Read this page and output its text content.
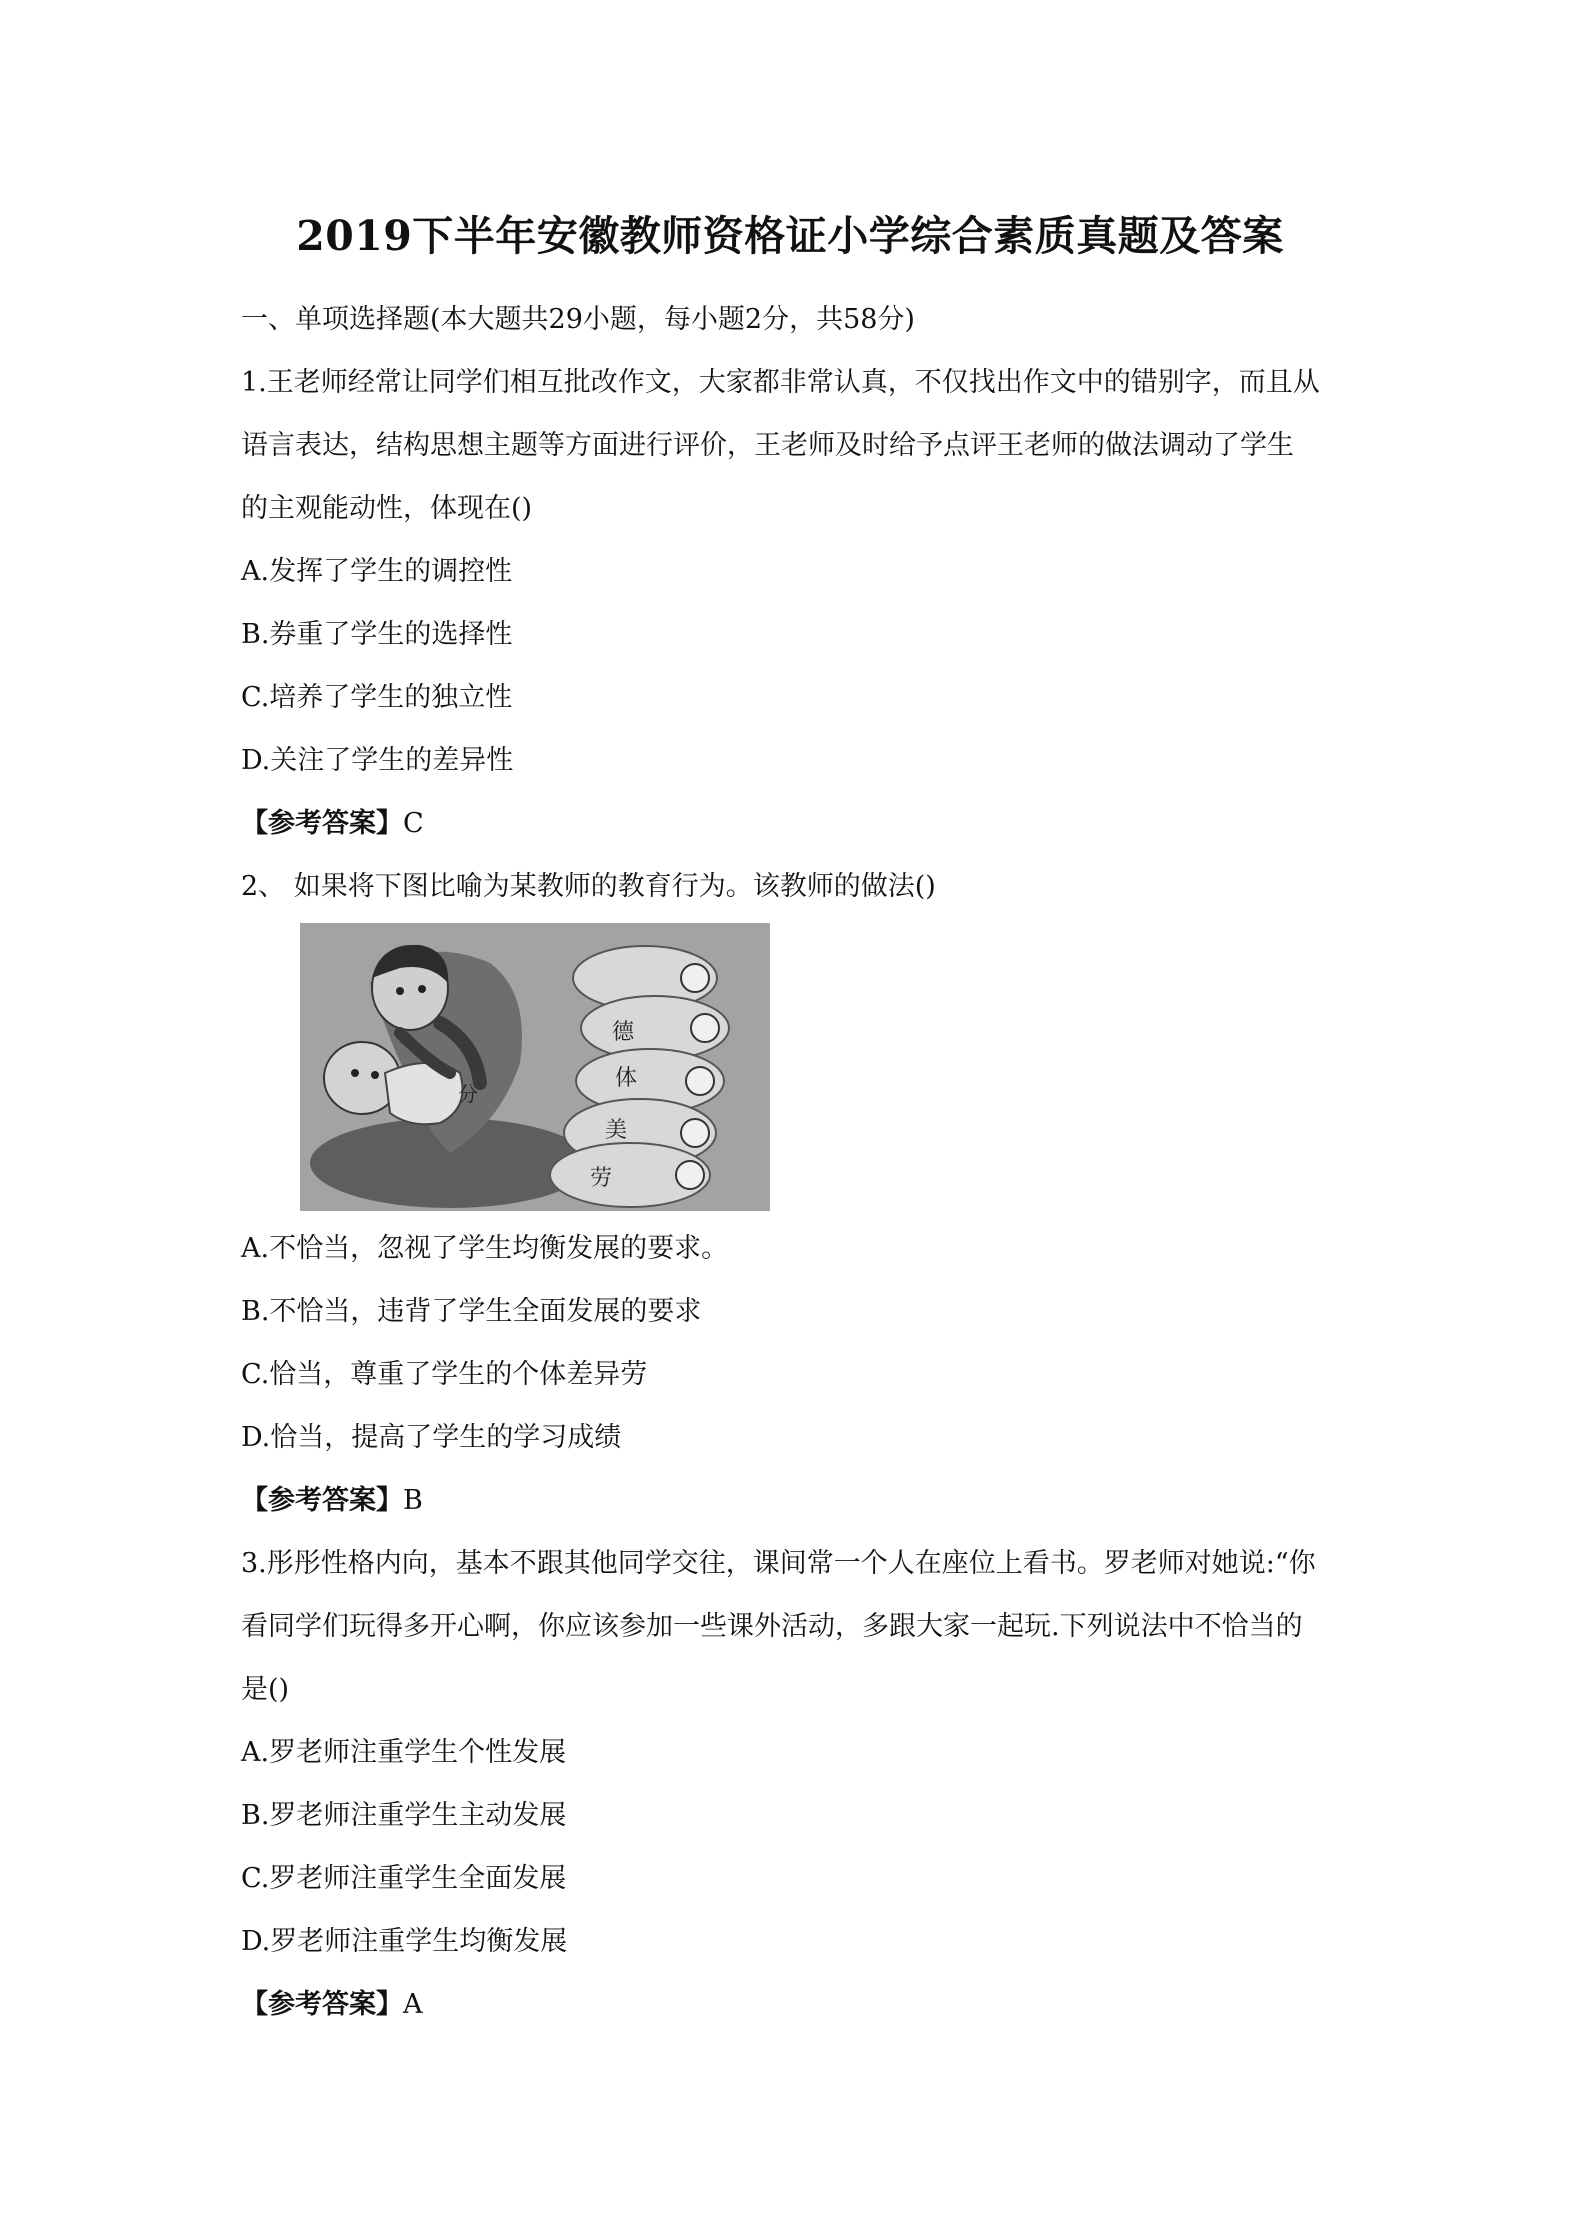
2019下半年安徽教师资格证小学综合素质真题及答案
一、单项选择题(本大题共29小题，每小题2分，共58分)
1.王老师经常让同学们相互批改作文，大家都非常认真，不仅找出作文中的错别字，而且从
语言表达，结构思想主题等方面进行评价，王老师及时给予点评王老师的做法调动了学生
的主观能动性，体现在()
A.发挥了学生的调控性
B.券重了学生的选择性
C.培养了学生的独立性
D.关注了学生的差异性
【参考答案】C
2、 如果将下图比喻为某教师的教育行为。该教师的做法()
德
体
美
劳
分
A.不恰当，忽视了学生均衡发展的要求。
B.不恰当，违背了学生全面发展的要求
C.恰当，尊重了学生的个体差异劳
D.恰当，提高了学生的学习成绩
【参考答案】B
3.彤彤性格内向，基本不跟其他同学交往，课间常一个人在座位上看书。罗老师对她说:“你
看同学们玩得多开心啊，你应该参加一些课外活动，多跟大家一起玩.下列说法中不恰当的
是()
A.罗老师注重学生个性发展
B.罗老师注重学生主动发展
C.罗老师注重学生全面发展
D.罗老师注重学生均衡发展
【参考答案】A
